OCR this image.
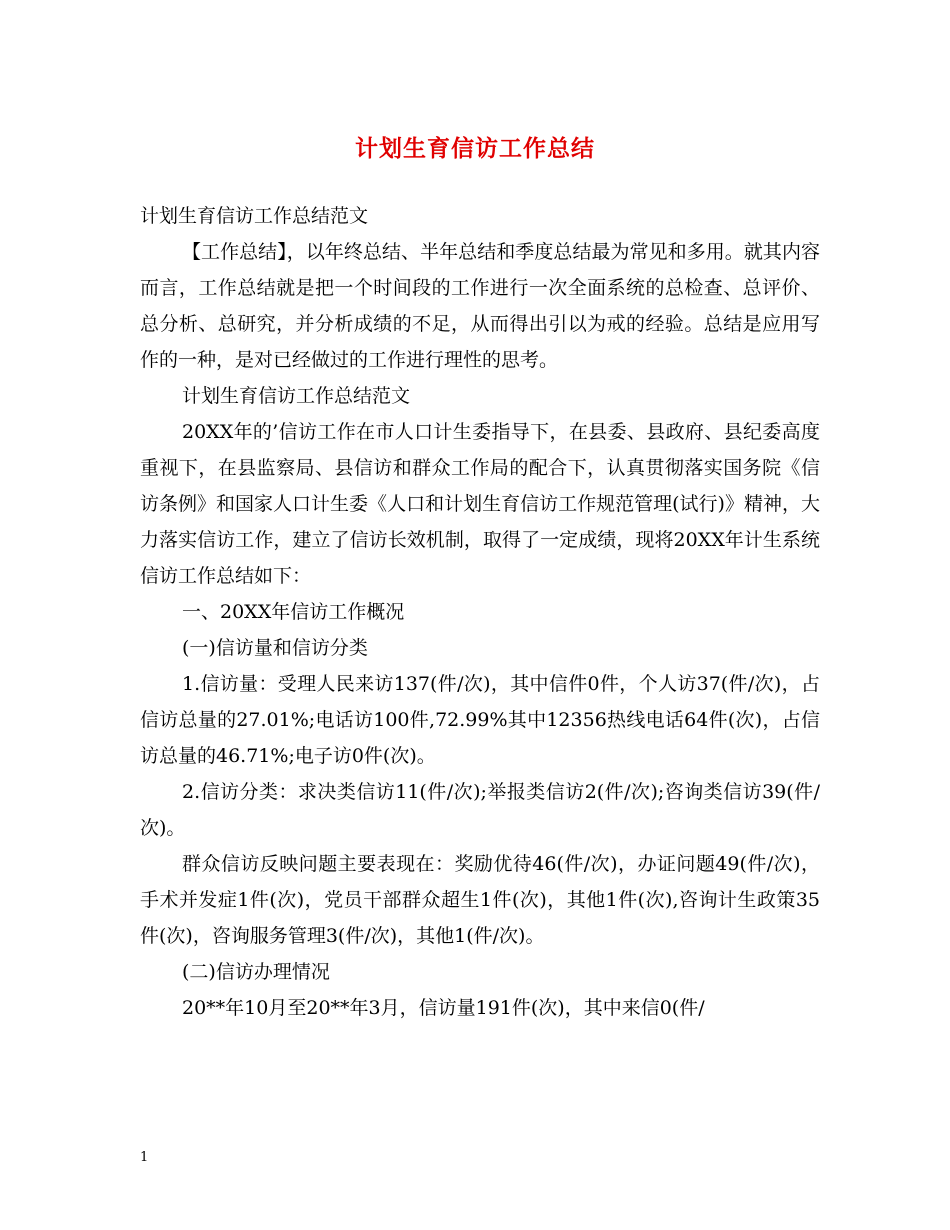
计划生育信访工作总结

计划生育信访工作总结范文

【工作总结】，以年终总结、半年总结和季度总结最为常见和多用。就其内容而言，工作总结就是把一个时间段的工作进行一次全面系统的总检查、总评价、总分析、总研究，并分析成绩的不足，从而得出引以为戒的经验。总结是应用写作的一种，是对已经做过的工作进行理性的思考。

计划生育信访工作总结范文

20XX年的’信访工作在市人口计生委指导下，在县委、县政府、县纪委高度重视下，在县监察局、县信访和群众工作局的配合下，认真贯彻落实国务院《信访条例》和国家人口计生委《人口和计划生育信访工作规范管理(试行)》精神，大力落实信访工作，建立了信访长效机制，取得了一定成绩，现将20XX年计生系统信访工作总结如下：

一、20XX年信访工作概况

(一)信访量和信访分类

1.信访量：受理人民来访137(件/次)，其中信件0件，个人访37(件/次)，占信访总量的27.01%;电话访100件,72.99%其中12356热线电话64件(次)，占信访总量的46.71%;电子访0件(次)。

2.信访分类：求决类信访11(件/次);举报类信访2(件/次);咨询类信访39(件/次)。

群众信访反映问题主要表现在：奖励优待46(件/次)，办证问题49(件/次)，手术并发症1件(次)，党员干部群众超生1件(次)，其他1件(次),咨询计生政策35件(次)，咨询服务管理3(件/次)，其他1(件/次)。

(二)信访办理情况

20**年10月至20**年3月，信访量191件(次)，其中来信0(件/

1
